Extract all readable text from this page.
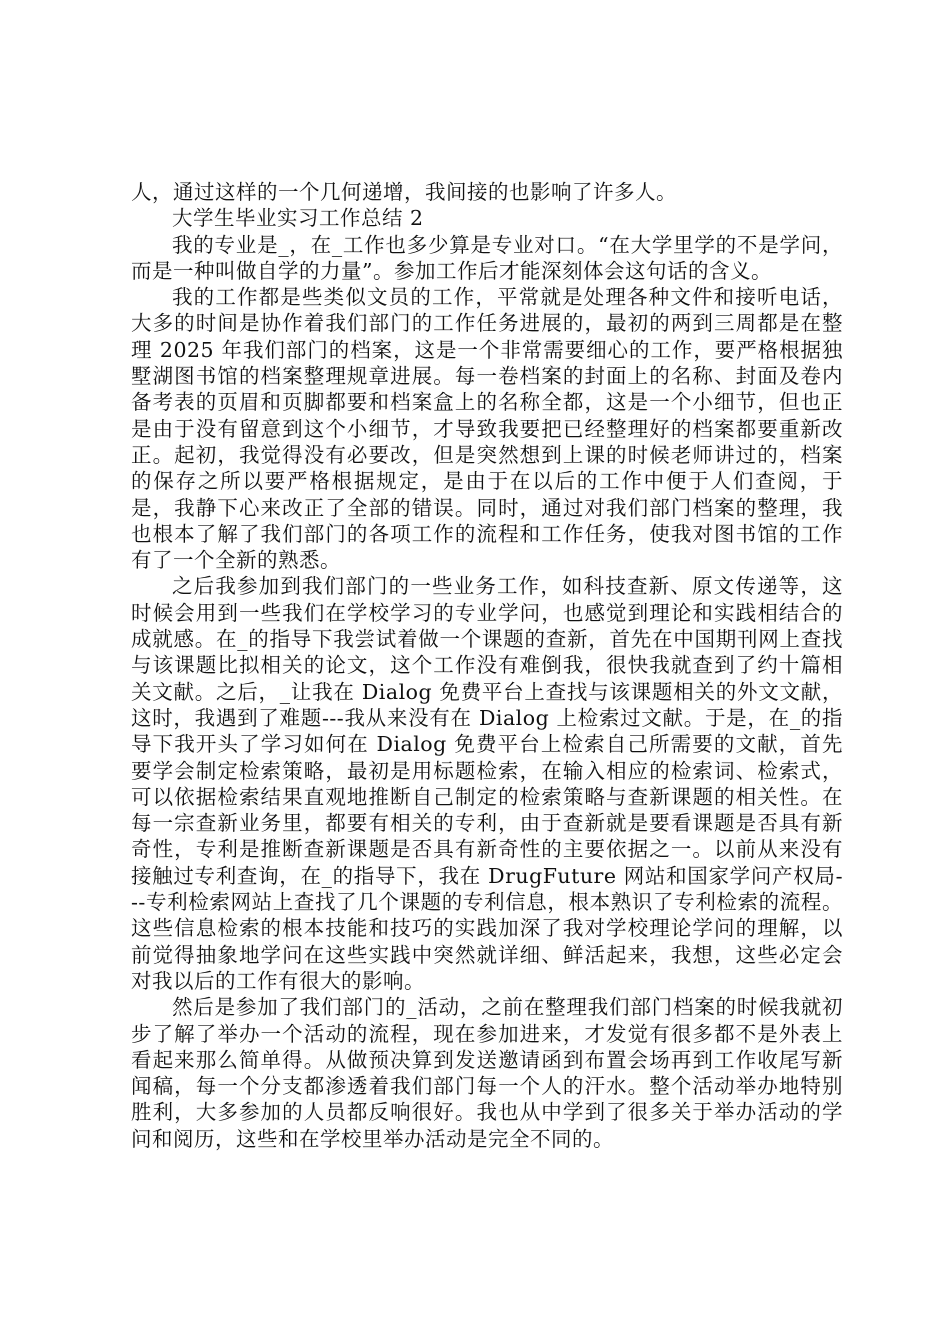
人，通过这样的一个几何递增，我间接的也影响了许多人。

大学生毕业实习工作总结 2

我的专业是_，在_工作也多少算是专业对口。“在大学里学的不是学问，而是一种叫做自学的力量”。参加工作后才能深刻体会这句话的含义。

我的工作都是些类似文员的工作，平常就是处理各种文件和接听电话，大多的时间是协作着我们部门的工作任务进展的，最初的两到三周都是在整理 2025 年我们部门的档案，这是一个非常需要细心的工作，要严格根据独墅湖图书馆的档案整理规章进展。每一卷档案的封面上的名称、封面及卷内备考表的页眉和页脚都要和档案盒上的名称全都，这是一个小细节，但也正是由于没有留意到这个小细节，才导致我要把已经整理好的档案都要重新改正。起初，我觉得没有必要改，但是突然想到上课的时候老师讲过的，档案的保存之所以要严格根据规定，是由于在以后的工作中便于人们查阅，于是，我静下心来改正了全部的错误。同时，通过对我们部门档案的整理，我也根本了解了我们部门的各项工作的流程和工作任务，使我对图书馆的工作有了一个全新的熟悉。

之后我参加到我们部门的一些业务工作，如科技查新、原文传递等，这时候会用到一些我们在学校学习的专业学问，也感觉到理论和实践相结合的成就感。在_的指导下我尝试着做一个课题的查新，首先在中国期刊网上查找与该课题比拟相关的论文，这个工作没有难倒我，很快我就查到了约十篇相关文献。之后，_让我在 Dialog 免费平台上查找与该课题相关的外文文献，这时，我遇到了难题---我从来没有在 Dialog 上检索过文献。于是，在_的指导下我开头了学习如何在 Dialog 免费平台上检索自己所需要的文献，首先要学会制定检索策略，最初是用标题检索，在输入相应的检索词、检索式，可以依据检索结果直观地推断自己制定的检索策略与查新课题的相关性。在每一宗查新业务里，都要有相关的专利，由于查新就是要看课题是否具有新奇性，专利是推断查新课题是否具有新奇性的主要依据之一。以前从来没有接触过专利查询，在_的指导下，我在 DrugFuture 网站和国家学问产权局---专利检索网站上查找了几个课题的专利信息，根本熟识了专利检索的流程。这些信息检索的根本技能和技巧的实践加深了我对学校理论学问的理解，以前觉得抽象地学问在这些实践中突然就详细、鲜活起来，我想，这些必定会对我以后的工作有很大的影响。

然后是参加了我们部门的_活动，之前在整理我们部门档案的时候我就初步了解了举办一个活动的流程，现在参加进来，才发觉有很多都不是外表上看起来那么简单得。从做预决算到发送邀请函到布置会场再到工作收尾写新闻稿，每一个分支都渗透着我们部门每一个人的汗水。整个活动举办地特别胜利，大多参加的人员都反响很好。我也从中学到了很多关于举办活动的学问和阅历，这些和在学校里举办活动是完全不同的。
